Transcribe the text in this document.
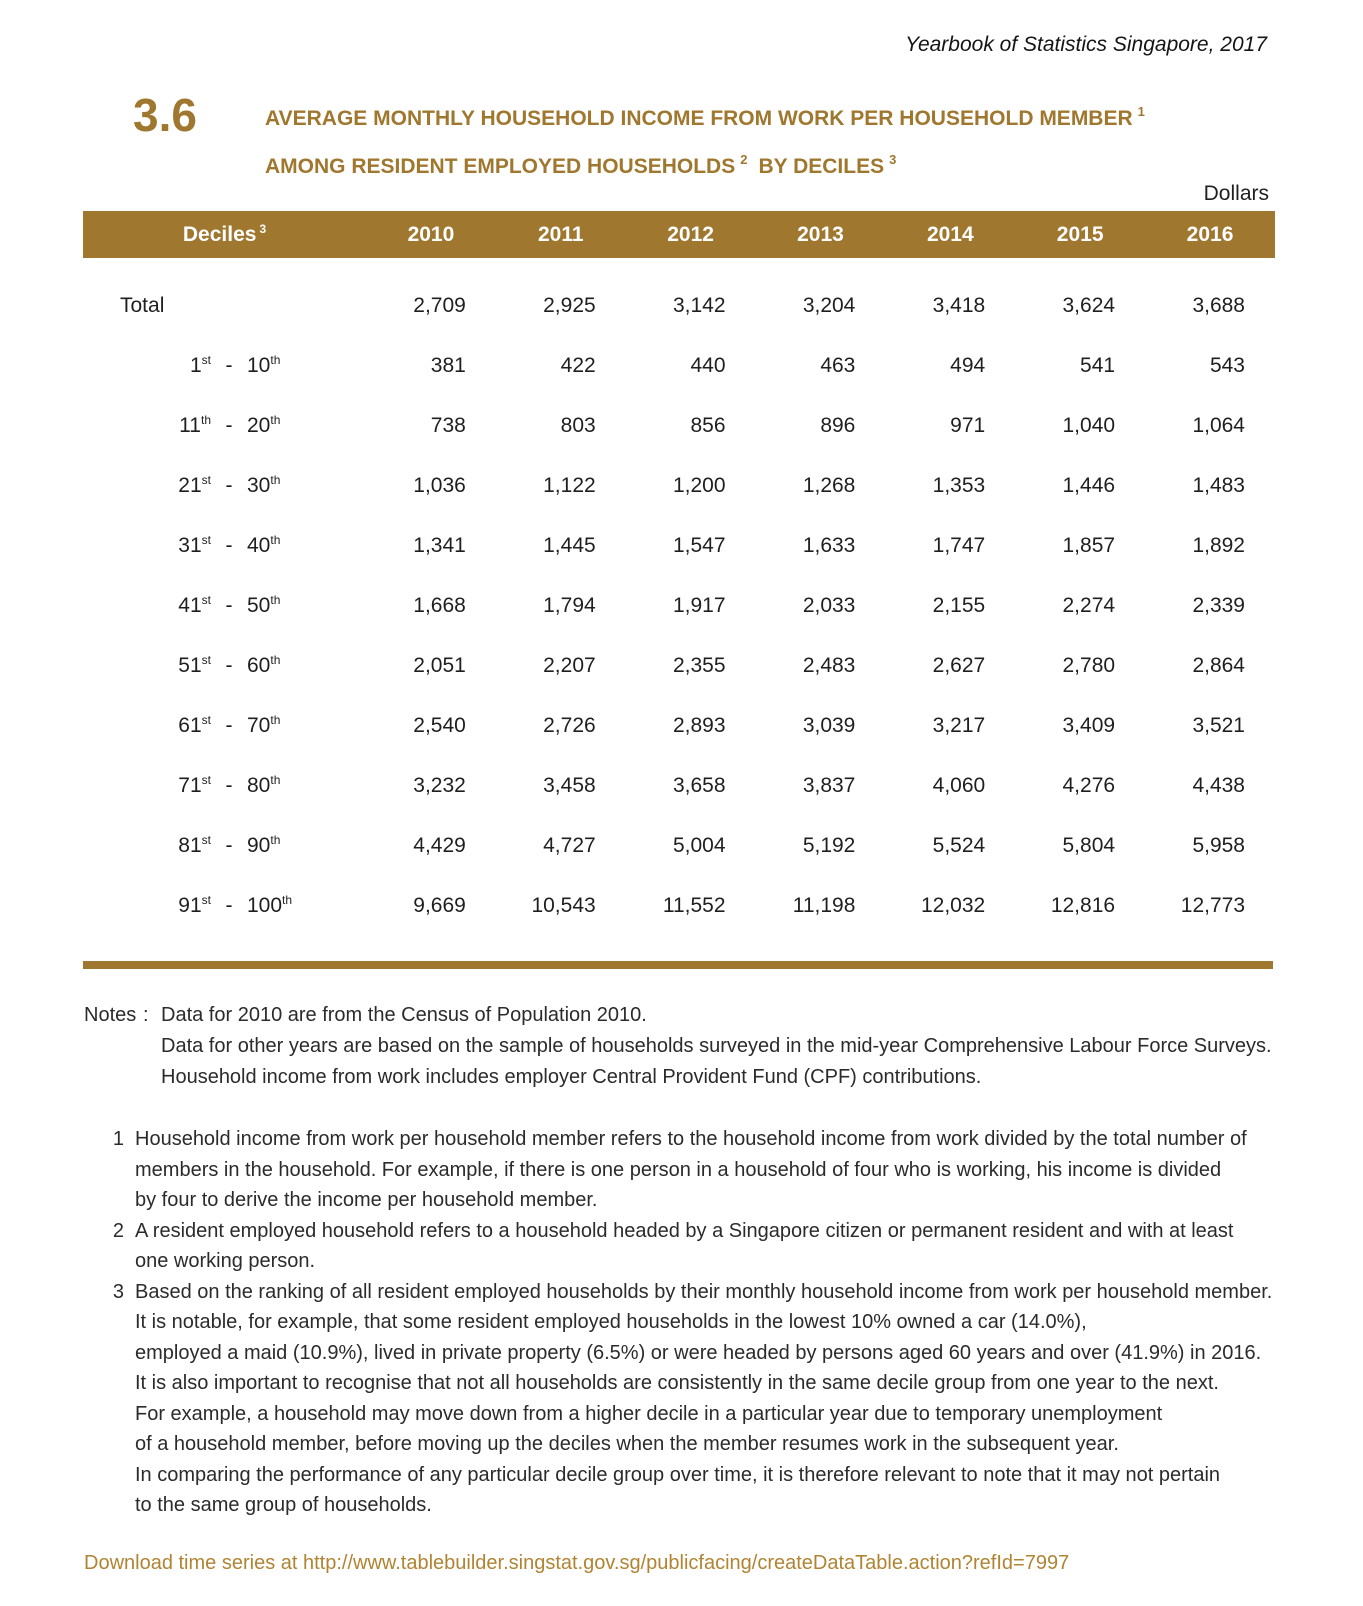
Yearbook of Statistics Singapore, 2017
3.6	AVERAGE MONTHLY HOUSEHOLD INCOME FROM WORK PER HOUSEHOLD MEMBER $^1$
AMONG RESIDENT EMPLOYED HOUSEHOLDS $^2$ BY DECILES $^3$
Dollars
Deciles $^3$	2010	2011	2012	2013	2014	2015	2016

Total	2,709	2,925	3,142	3,204	3,418	3,624	3,688

1st - 10th	381	422	440	463	494	541	543

11th - 20th	738	803	856	896	971	1,040	1,064

21st - 30th	1,036	1,122	1,200	1,268	1,353	1,446	1,483

31st - 40th	1,341	1,445	1,547	1,633	1,747	1,857	1,892

41st - 50th	1,668	1,794	1,917	2,033	2,155	2,274	2,339

51st - 60th	2,051	2,207	2,355	2,483	2,627	2,780	2,864

61st - 70th	2,540	2,726	2,893	3,039	3,217	3,409	3,521

71st - 80th	3,232	3,458	3,658	3,837	4,060	4,276	4,438

81st - 90th	4,429	4,727	5,004	5,192	5,524	5,804	5,958

91st - 100th	9,669	10,543	11,552	11,198	12,032	12,816	12,773
Notes : Data for 2010 are from the Census of Population 2010.
Data for other years are based on the sample of households surveyed in the mid-year Comprehensive Labour Force Surveys.
Household income from work includes employer Central Provident Fund (CPF) contributions.
1 Household income from work per household member refers to the household income from work divided by the total number of
members in the household. For example, if there is one person in a household of four who is working, his income is divided
by four to derive the income per household member.
2 A resident employed household refers to a household headed by a Singapore citizen or permanent resident and with at least
one working person.
3 Based on the ranking of all resident employed households by their monthly household income from work per household member.
It is notable, for example, that some resident employed households in the lowest 10% owned a car (14.0%),
employed a maid (10.9%), lived in private property (6.5%) or were headed by persons aged 60 years and over (41.9%) in 2016.
It is also important to recognise that not all households are consistently in the same decile group from one year to the next.
For example, a household may move down from a higher decile in a particular year due to temporary unemployment
of a household member, before moving up the deciles when the member resumes work in the subsequent year.
In comparing the performance of any particular decile group over time, it is therefore relevant to note that it may not pertain
to the same group of households.
Download time series at http://www.tablebuilder.singstat.gov.sg/publicfacing/createDataTable.action?refId=7997
